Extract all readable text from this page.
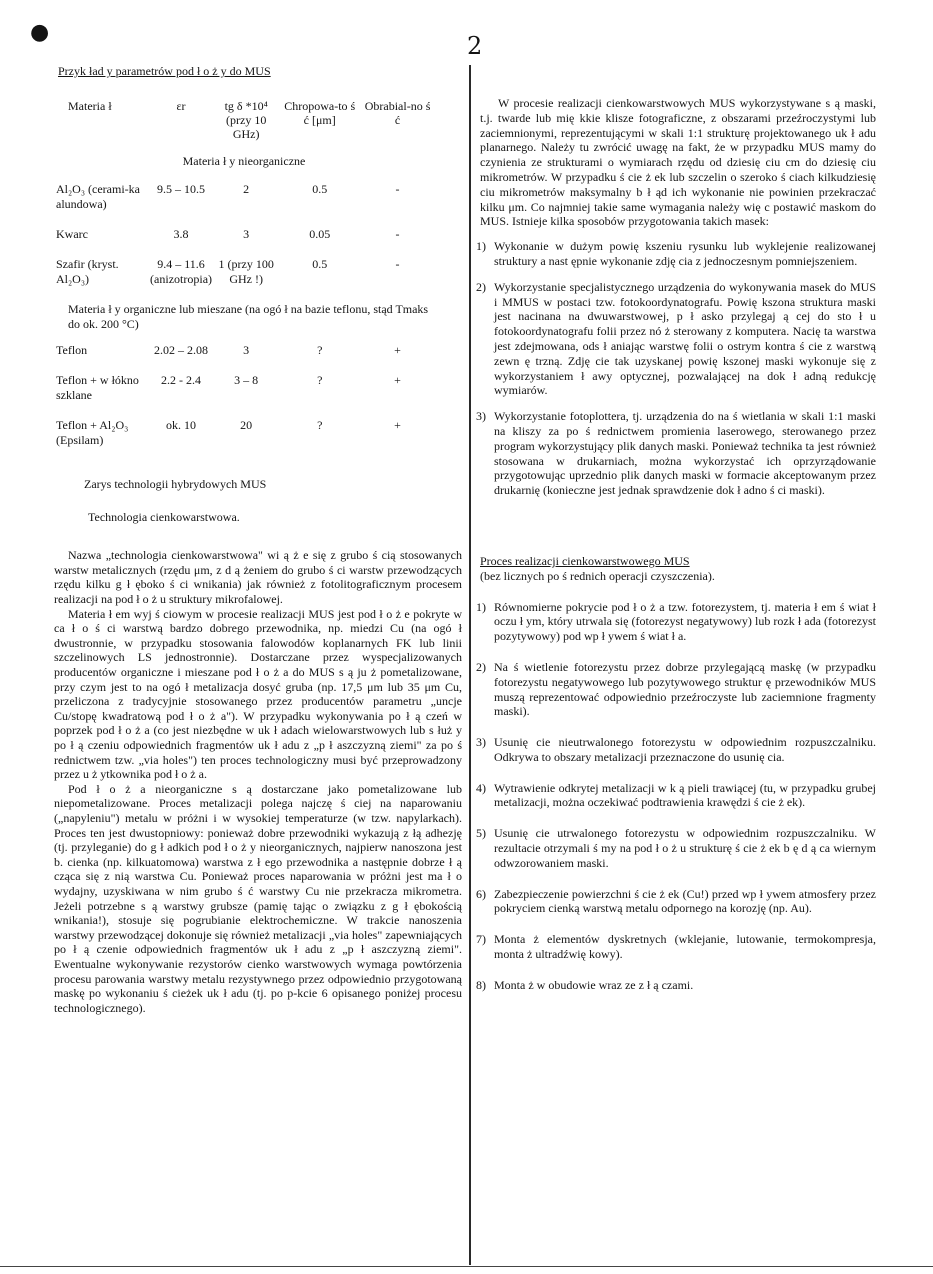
●	2
Przyk ład y parametrów pod ł o ż y do MUS
Materia ł	εr	tg δ *10⁴ (przy 10 GHz)	Chropowa-to ś ć [μm]	Obrabial-no ś ć
Materia ł y nieorganiczne				
Al₂O₃ (cerami-ka alundowa)	9.5 – 10.5	2	0.5	-

Kwarc	3.8	3	0.05	-

Szafir (kryst. Al₂O₃)	9.4 – 11.6 (anizotropia)	1 (przy 100 GHz !)	0.5	-
Materia ł y organiczne lub mieszane (na ogó ł na bazie teflonu, stąd Tmaks do ok. 200 °C)				
Teflon	2.02 – 2.08	3	?	+

Teflon + w łókno szklane	2.2 - 2.4	3 – 8	?	+

Teflon + Al₂O₃ (Epsilam)	ok. 10	20	?	+
Zarys technologii hybrydowych MUS
Technologia cienkowarstwowa.

Nazwa „technologia cienkowarstwowa" wi ą ż e się z grubo ś cią stosowanych warstw metalicznych (rzędu μm, z d ą żeniem do grubo ś ci warstw przewodzących rzędu kilku g ł ęboko ś ci wnikania) jak również z fotolitograficznym procesem realizacji na pod ł o ż u struktury mikrofalowej.

Materia ł em wyj ś ciowym w procesie realizacji MUS jest pod ł o ż e pokryte w ca ł o ś ci warstwą bardzo dobrego przewodnika, np. miedzi Cu (na ogó ł dwustronnie, w przypadku stosowania falowodów koplanarnych FK lub linii szczelinowych LS jednostronnie). Dostarczane przez wyspecjalizowanych producentów organiczne i mieszane pod ł o ż a do MUS s ą ju ż pometalizowane, przy czym jest to na ogó ł metalizacja dosyć gruba (np. 17,5 μm lub 35 μm Cu, przeliczona z tradycyjnie stosowanego przez producentów parametru „uncje Cu/stopę kwadratową pod ł o ż a"). W przypadku wykonywania po ł ą czeń w poprzek pod ł o ż a (co jest niezbędne w uk ł adach wielowarstwowych lub s łuż y po ł ą czeniu odpowiednich fragmentów uk ł adu z „p ł aszczyzną ziemi" za po ś rednictwem tzw. „via holes") ten proces technologiczny musi być przeprowadzony przez u ż ytkownika pod ł o ż a.

Pod ł o ż a nieorganiczne s ą dostarczane jako pometalizowane lub niepometalizowane. Proces metalizacji polega najczę ś ciej na naparowaniu („napyleniu") metalu w próżni i w wysokiej temperaturze (w tzw. napylarkach). Proces ten jest dwustopniowy: ponieważ dobre przewodniki wykazują z łą adhezję (tj. przyleganie) do g ł adkich pod ł o ż y nieorganicznych, najpierw nanoszona jest b. cienka (np. kilkuatomowa) warstwa z ł ego przewodnika a następnie dobrze ł ą cząca się z nią warstwa Cu. Ponieważ proces naparowania w próżni jest ma ł o wydajny, uzyskiwana w nim grubo ś ć warstwy Cu nie przekracza mikrometra. Jeżeli potrzebne s ą warstwy grubsze (pamię tając o związku z g ł ębokością wnikania!), stosuje się pogrubianie elektrochemiczne. W trakcie nanoszenia warstwy przewodzącej dokonuje się również metalizacji „via holes" zapewniających po ł ą czenie odpowiednich fragmentów uk ł adu z „p ł aszczyzną ziemi". Ewentualne wykonywanie rezystorów cienko warstwowych wymaga powtórzenia procesu parowania warstwy metalu rezystywnego przez odpowiednio przygotowaną maskę po wykonaniu ś cieżek uk ł adu (tj. po p-kcie 6 opisanego poniżej procesu technologicznego).

W procesie realizacji cienkowarstwowych MUS wykorzystywane s ą maski, t.j. twarde lub mię kkie klisze fotograficzne, z obszarami przeźroczystymi lub zaciemnionymi, reprezentującymi w skali 1:1 strukturę projektowanego uk ł adu planarnego. Należy tu zwrócić uwagę na fakt, że w przypadku MUS mamy do czynienia ze strukturami o wymiarach rzędu od dziesię ciu cm do dziesię ciu mikrometrów. W przypadku ś cie ż ek lub szczelin o szeroko ś ciach kilkudziesię ciu mikrometrów maksymalny b ł ąd ich wykonanie nie powinien przekraczać kilku μm. Co najmniej takie same wymagania należy wię c postawić maskom do MUS. Istnieje kilka sposobów przygotowania takich masek:

1) Wykonanie w dużym powię kszeniu rysunku lub wyklejenie realizowanej struktury a nast ępnie wykonanie zdję cia z jednoczesnym pomniejszeniem.
2) Wykorzystanie specjalistycznego urządzenia do wykonywania masek do MUS i MMUS w postaci tzw. fotokoordynatografu. Powię kszona struktura maski jest nacinana na dwuwarstwowej, p ł asko przylegaj ą cej do sto ł u fotokoordynatografu folii przez nó ż sterowany z komputera. Nacię ta warstwa jest zdejmowana, ods ł aniając warstwę folii o ostrym kontra ś cie z warstwą zewn ę trzną. Zdję cie tak uzyskanej powię kszonej maski wykonuje się z wykorzystaniem ł awy optycznej, pozwalającej na dok ł adną redukcję wymiarów.
3) Wykorzystanie fotoplottera, tj. urządzenia do na ś wietlania w skali 1:1 maski na kliszy za po ś rednictwem promienia laserowego, sterowanego przez program wykorzystujący plik danych maski. Ponieważ technika ta jest również stosowana w drukarniach, można wykorzystać ich oprzyrządowanie przygotowując uprzednio plik danych maski w formacie akceptowanym przez drukarnię (konieczne jest jednak sprawdzenie dok ł adno ś ci maski).
Proces realizacji cienkowarstwowego MUS
(bez licznych po ś rednich operacji czyszczenia).
1) Równomierne pokrycie pod ł o ż a tzw. fotorezystem, tj. materia ł em ś wiat ł oczu ł ym, który utrwala się (fotorezyst negatywowy) lub rozk ł ada (fotorezyst pozytywowy) pod wp ł ywem ś wiat ł a.
2) Na ś wietlenie fotorezystu przez dobrze przylegającą maskę (w przypadku fotorezystu negatywowego lub pozytywowego struktur ę przewodników MUS muszą reprezentować odpowiednio przeźroczyste lub zaciemnione fragmenty maski).
3) Usunię cie nieutrwalonego fotorezystu w odpowiednim rozpuszczalniku. Odkrywa to obszary metalizacji przeznaczone do usunię cia.
4) Wytrawienie odkrytej metalizacji w k ą pieli trawiącej (tu, w przypadku grubej metalizacji, można oczekiwać podtrawienia krawędzi ś cie ż ek).
5) Usunię cie utrwalonego fotorezystu w odpowiednim rozpuszczalniku. W rezultacie otrzymali ś my na pod ł o ż u strukturę ś cie ż ek b ę d ą ca wiernym odwzorowaniem maski.
6) Zabezpieczenie powierzchni ś cie ż ek (Cu!) przed wp ł ywem atmosfery przez pokryciem cienką warstwą metalu odpornego na korozję (np. Au).
7) Monta ż elementów dyskretnych (wklejanie, lutowanie, termokompresja, monta ż ultradźwię kowy).
8) Monta ż w obudowie wraz ze z ł ą czami.
